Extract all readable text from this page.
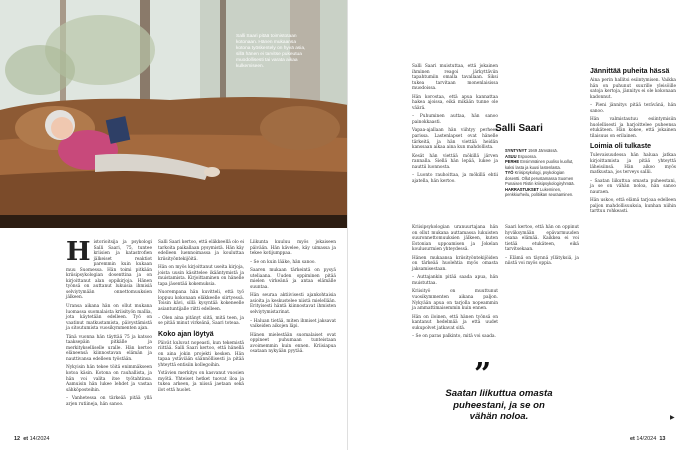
Salli Saari pitää toimistotaan kotonaan. Hänen mukaansa kotona työskentely on hyvä asia, sillä hänen ei tarvitse pukeutua muodollisesti tai varata aikaa kulkemiseen.
H istorioitsija ja psykologi Salli Saari, 75, tuntee kriisien ja katastrofien jälkeiset reaktiot paremmin kuin kukaan muu Suomessa. Hän toimi pitkään kriisipsykologian dosenttina ja on kirjoittanut alan oppikirjoja. Hänen työnsä on auttanut lukuisia ihmisiä selviytymään onnettomuuksien jälkeen.

Uransa aikana hän on ollut mukana luomassa suomalaista kriisityön mallia, jota käytetään edelleen. Työ on vaatinut matkustamista, päivystämistä ja sitoutumista vuosikymmenten ajan.

Tänä vuonna hän täyttää 75 ja katsoo taaksepäin pitkälle ja merkitykselliselle uralle. Hän kertoo eläneensä kiinnostavan elämän ja nauttivansa edelleen työstään.

Nykyisin hän tekee töitä enimmäkseen kotoa käsin. Kotona on rauhallista, ja hän voi valita itse työtahtinsa. Aamuisin hän lukee lehdet ja vastaa sähköposteihin.

– Vanhetessa on tärkeää pitää yllä arjen rutiineja, hän sanoo.

Salli Saari kertoo, että eläkkeellä olo ei tarkoita paikallaan pysymistä. Hän käy edelleen luennoimassa ja kouluttaa kriisityöntekijöitä.

Hän on myös kirjoittanut useita kirjoja, joista uusin käsittelee ikääntymistä ja muistamista. Kirjoittaminen on hänelle tapa jäsentää kokemuksia.

Nuorempana hän kuvitteli, että työ loppuu kokonaan eläkkeelle siirtyessä. Toisin kävi, sillä kysyntää kokeneelle asiantuntijalle riitti edelleen.

– Olen aina pitänyt siitä, mitä teen, ja se pitää minut virkeänä, Saari toteaa.

Koko ajan löytyä

Päivät kuluvat nopeasti, kun tekemistä riittää. Salli Saari kertoo, että hänellä on aina jokin projekti kesken. Hän tapaa ystäviään säännöllisesti ja pitää yhteyttä entisiin kollegoihin.

Ystävien merkitys on kasvanut vuosien myötä. Yhteiset hetket tuovat iloa ja tukea arkeen, ja niissä jaetaan sekä ilot että huolet.

Liikunta kuuluu myös jokaiseen päivään. Hän kävelee, käy uimassa ja tekee kotijumppaa.

– Se on kuin lääke, hän sanoo.

Saaren mukaan tärkeintä on pysyä uteliaana. Uuden oppiminen pitää mielen virkeänä ja antaa elämälle suuntaa.

Hän seuraa aktiivisesti ajankohtaisia asioita ja keskustelee niistä mielellään. Erityisesti häntä kiinnostavat ihmisten selviytymistarinat.

– Haluan tietää, miten ihmiset jaksavat vaikeiden aikojen läpi.

Hänen mielestään suomalaiset ovat oppineet puhumaan tunteistaan avoimemmin kuin ennen. Kriisiapua osataan nykyään pyytää.

12 et 14/2024

Salli Saari muistuttaa, että jokainen ihminen reagoi järkyttäviin tapahtumiin omalla tavallaan. Siksi tukea tarvitaan monenlaisissa muodoissa.

Hän korostaa, että apua kannattaa hakea ajoissa, eikä mikään tunne ole väärä.

– Puhuminen auttaa, hän sanoo painokkaasti.

Vapaa-ajallaan hän viihtyy perheen parissa. Lastenlapset ovat hänelle tärkeitä, ja hän viettää heidän kanssaan aikaa aina kun mahdollista.

Kesät hän viettää mökillä järven rannalla. Siellä hän lepää, lukee ja nauttii luonnosta.

– Luonto rauhoittaa, ja mökillä ehtii ajatella, hän kertoo.

Salli Saari
SYNTYNYT 1949 Jämsässä.
ASUU Espoossa.
PERHE Ensimmäinen puoliso kuollut, kaksi lasta ja kuusi lastenlasta.
TYÖ Kriisipsykologi, psykologian dosentti. Ollut perustamassa Suomen Punaisen Ristin kriisipsykologiryhmää.
HARRASTUKSET Lukeminen, penkkiurheilu, politiikan seuraaminen.

Kriisipsykologian uranuurtajana hän on ollut mukana auttamassa lukuisten suuronnettomuuksien jälkeen, kuten Estonian uppoamisen ja Jokelan koulusurmien yhteydessä.

Hänen mukaansa kriisityöntekijöiden on tärkeää huolehtia myös omasta jaksamisestaan.

– Auttajankin pitää saada apua, hän muistuttaa.

Kriisityö on muuttunut vuosikymmenten aikana paljon. Nykyään apua on tarjolla nopeammin ja ammattimaisemmin kuin ennen.

Hän on iloinen, että hänen työnsä on kantanut hedelmää ja että uudet sukupolvet jatkavat sitä.

– Se on paras palkinto, mitä voi saada.

Saari kertoo, että hän on oppinut hyväksymään epävarmuuden osana elämää. Kaikkea ei voi tietää etukäteen, eikä tarvitsekaan.

– Elämä on täynnä yllätyksiä, ja niistä voi myös oppia.

Jännittää puheita hässä

Aina perin hallitsi esiintymisen. Vaikka hän on puhunut suurille yleisöille satoja kertoja, jännitys ei ole kokonaan kadonnut.

– Pieni jännitys pitää terävänä, hän sanoo.

Hän valmistautuu esiintymisiin huolellisesti ja harjoittelee puheensa etukäteen. Hän kokee, että jokainen tilaisuus on erilainen.

Loimia oli tulkaste

Tulevaisuudessa hän haluaa jatkaa kirjoittamista ja pitää yhteyttä läheisiinsä. Hän aikoo myös matkustaa, jos terveys sallii.

– Saatan liikuttua omasta puheestani, ja se on vähän noloa, hän sanoo nauraen.

Hän uskoo, että elämä tarjoaa edelleen paljon mahdollisuuksia, kunhan niihin tarttuu rohkeasti.

”
Saatan liikuttua omasta puheestani, ja se on vähän noloa.	▶
et 14/2024 13
